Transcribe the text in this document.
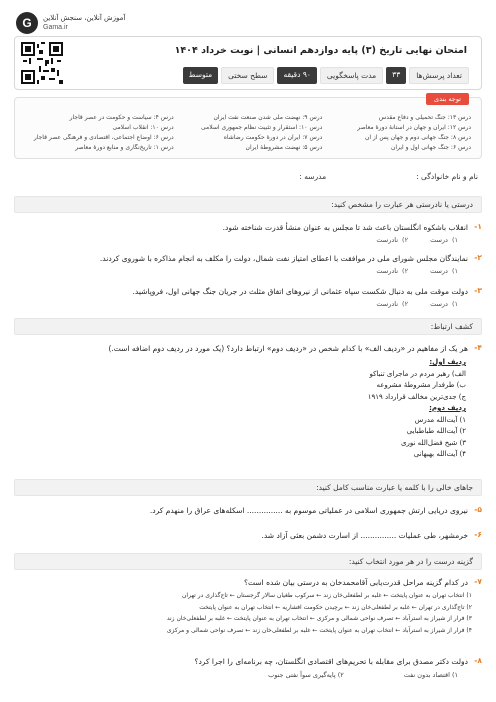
G	آموزش آنلاین، سنجش آنلاین
Gama.ir
امتحان نهایی تاریخ (۳) پایه دوازدهم انسانی | نوبت خرداد ۱۴۰۴
تعداد پرسش‌ها
۳۳
مدت پاسخگویی
۹۰ دقیقه
سطح سختی
متوسط
توجه بندی
درس ۱۳: جنگ تحمیلی و دفاع مقدس
درس ۹: نهضت ملی شدن صنعت نفت ایران
درس ۴: سیاست و حکومت در عصر قاجار
درس ۱۲: ایران و جهان در آستانهٔ دورهٔ معاصر
درس ۱۰: استقرار و تثبیت نظام جمهوری اسلامی
درس ۱۰: انقلاب اسلامی
درس ۸: جنگ جهانی دوم و جهان پس از آن
درس ۷: ایران در دورهٔ حکومت رضاشاه
درس ۶: اوضاع اجتماعی، اقتصادی و فرهنگی عصر قاجار
درس ۶: جنگ جهانی اول و ایران
درس ۵: نهضت مشروطهٔ ایران
درس ۱: تاریخ‌نگاری و منابع دورهٔ معاصر
نام و نام خانوادگی :
مدرسه :
درستی یا نادرستی هر عبارت را مشخص کنید:
۱-
انقلاب باشکوه انگلستان باعث شد تا مجلس به عنوان منشأ قدرت شناخته شود.
۱)
درست
۲)
نادرست
۲-
نمایندگان مجلس شورای ملی در موافقت با اعطای امتیاز نفت شمال، دولت را مکلف به انجام مذاکره با شوروی کردند.
۱)
درست
۲)
نادرست
۳-
دولت موقت ملی به دنبال شکست سپاه عثمانی از نیروهای اتفاق مثلث در جریان جنگ جهانی اول، فروپاشید.
۱)
درست
۲)
نادرست
کشف ارتباط:
۴-
هر یک از مفاهیم در «ردیف الف» با کدام شخص در «ردیف دوم» ارتباط دارد؟ (یک مورد در ردیف دوم اضافه است.)
ردیف اول:
الف) رهبر مردم در ماجرای تنباکو
ب) طرفدار مشروطهٔ مشروعه
ج) جدی‌ترین مخالف قرارداد ۱۹۱۹
ردیف دوم:
۱) آیت‌الله مدرس
۲) آیت‌الله طباطبایی
۳) شیخ فضل‌الله نوری
۴) آیت‌الله بهبهانی
جاهای خالی را با کلمه یا عبارت مناسب کامل کنید:
۵-
نیروی دریایی ارتش جمهوری اسلامی در عملیاتی موسوم به ............... اسکله‌های عراق را منهدم کرد.
۶-
خرمشهر، طی عملیات ............... از اسارت دشمن بعثی آزاد شد.
گزینه درست را در هر مورد انتخاب کنید:
۷-
در کدام گزینه مراحل قدرت‌یابی آقامحمدخان به درستی بیان شده است؟
۱) انتخاب تهران به عنوان پایتخت ← غلبه بر لطفعلی‌خان زند ← سرکوب طغیان سالار گرجستان ← تاج‌گذاری در تهران
۲) تاج‌گذاری در تهران ← غلبه بر لطفعلی‌خان زند ← برچیدن حکومت افشاریه ← انتخاب تهران به عنوان پایتخت
۳) فرار از شیراز به استرآباد ← تصرف نواحی شمالی و مرکزی ← انتخاب تهران به عنوان پایتخت ← غلبه بر لطفعلی‌خان زند
۴) فرار از شیراز به استرآباد ← انتخاب تهران به عنوان پایتخت ← غلبه بر لطفعلی‌خان زند ← تصرف نواحی شمالی و مرکزی
۸-
دولت دکتر مصدق برای مقابله با تحریم‌های اقتصادی انگلستان، چه برنامه‌ای را اجرا کرد؟
۱) اقتصاد بدون نفت
۲) پایه‌گیری سوآ نفتی جنوب
